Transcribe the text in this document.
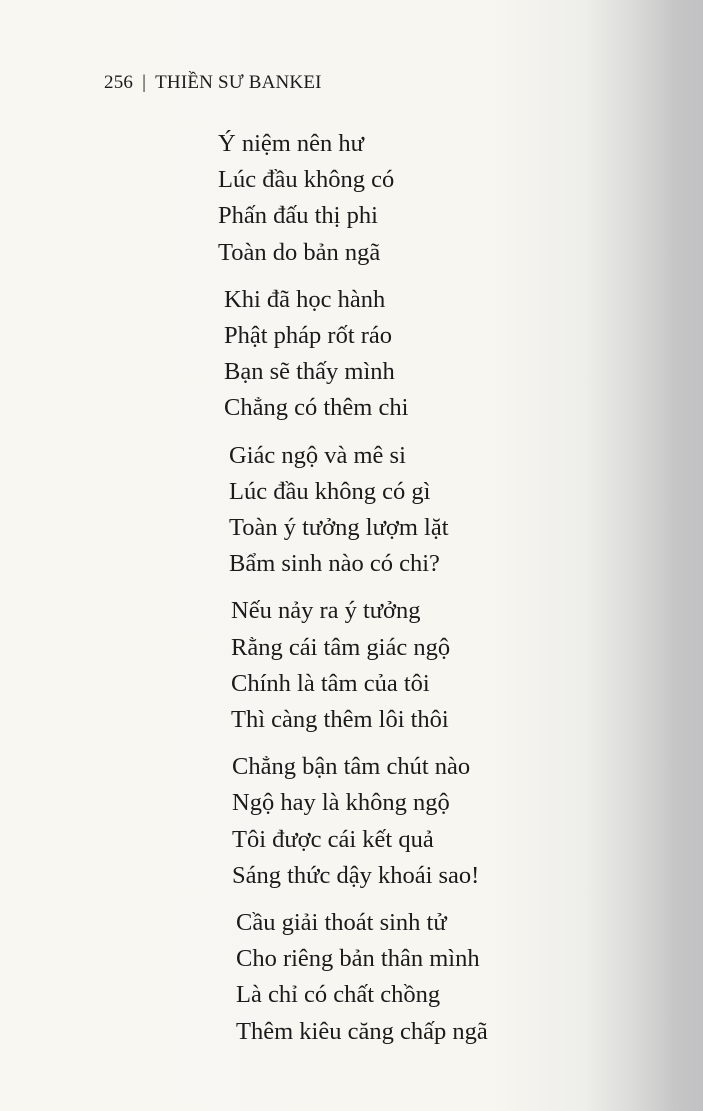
256 | THIỀN SƯ BANKEI
Ý niệm nên hư
Lúc đầu không có
Phấn đấu thị phi
Toàn do bản ngã
Khi đã học hành
Phật pháp rốt ráo
Bạn sẽ thấy mình
Chẳng có thêm chi
Giác ngộ và mê si
Lúc đầu không có gì
Toàn ý tưởng lượm lặt
Bẩm sinh nào có chi?
Nếu nảy ra ý tưởng
Rằng cái tâm giác ngộ
Chính là tâm của tôi
Thì càng thêm lôi thôi
Chẳng bận tâm chút nào
Ngộ hay là không ngộ
Tôi được cái kết quả
Sáng thức dậy khoái sao!
Cầu giải thoát sinh tử
Cho riêng bản thân mình
Là chỉ có chất chồng
Thêm kiêu căng chấp ngã
